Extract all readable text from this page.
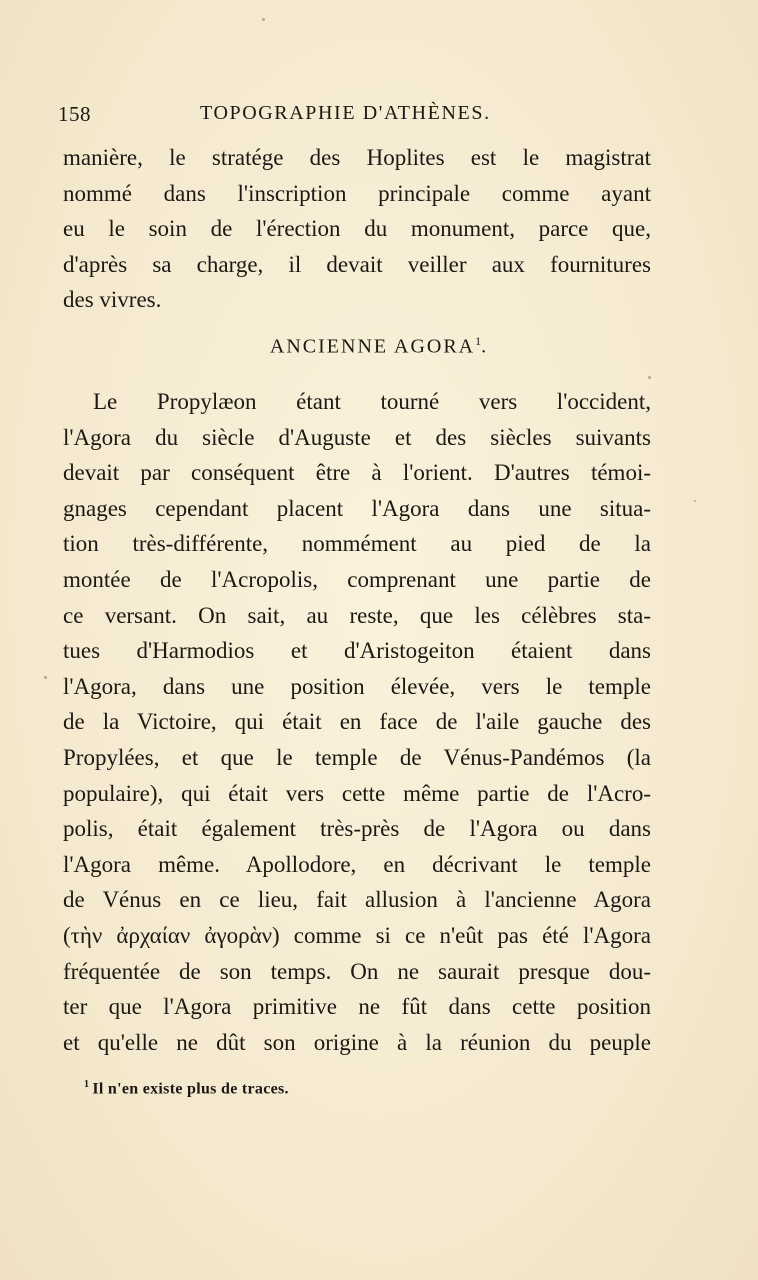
158	TOPOGRAPHIE D'ATHÈNES.
manière, le stratége des Hoplites est le magistrat
nommé dans l'inscription principale comme ayant
eu le soin de l'érection du monument, parce que,
d'après sa charge, il devait veiller aux fournitures
des vivres.
ANCIENNE AGORA$^1$.
Le Propylæon étant tourné vers l'occident,
l'Agora du siècle d'Auguste et des siècles suivants
devait par conséquent être à l'orient. D'autres témoi-
gnages cependant placent l'Agora dans une situa-
tion très-différente, nommément au pied de la
montée de l'Acropolis, comprenant une partie de
ce versant. On sait, au reste, que les célèbres sta-
tues d'Harmodios et d'Aristogeiton étaient dans
l'Agora, dans une position élevée, vers le temple
de la Victoire, qui était en face de l'aile gauche des
Propylées, et que le temple de Vénus-Pandémos (la
populaire), qui était vers cette même partie de l'Acro-
polis, était également très-près de l'Agora ou dans
l'Agora même. Apollodore, en décrivant le temple
de Vénus en ce lieu, fait allusion à l'ancienne Agora
(τὴν ἀρχαίαν ἀγορὰν) comme si ce n'eût pas été l'Agora
fréquentée de son temps. On ne saurait presque dou-
ter que l'Agora primitive ne fût dans cette position
et qu'elle ne dût son origine à la réunion du peuple
$^1$ Il n'en existe plus de traces.
